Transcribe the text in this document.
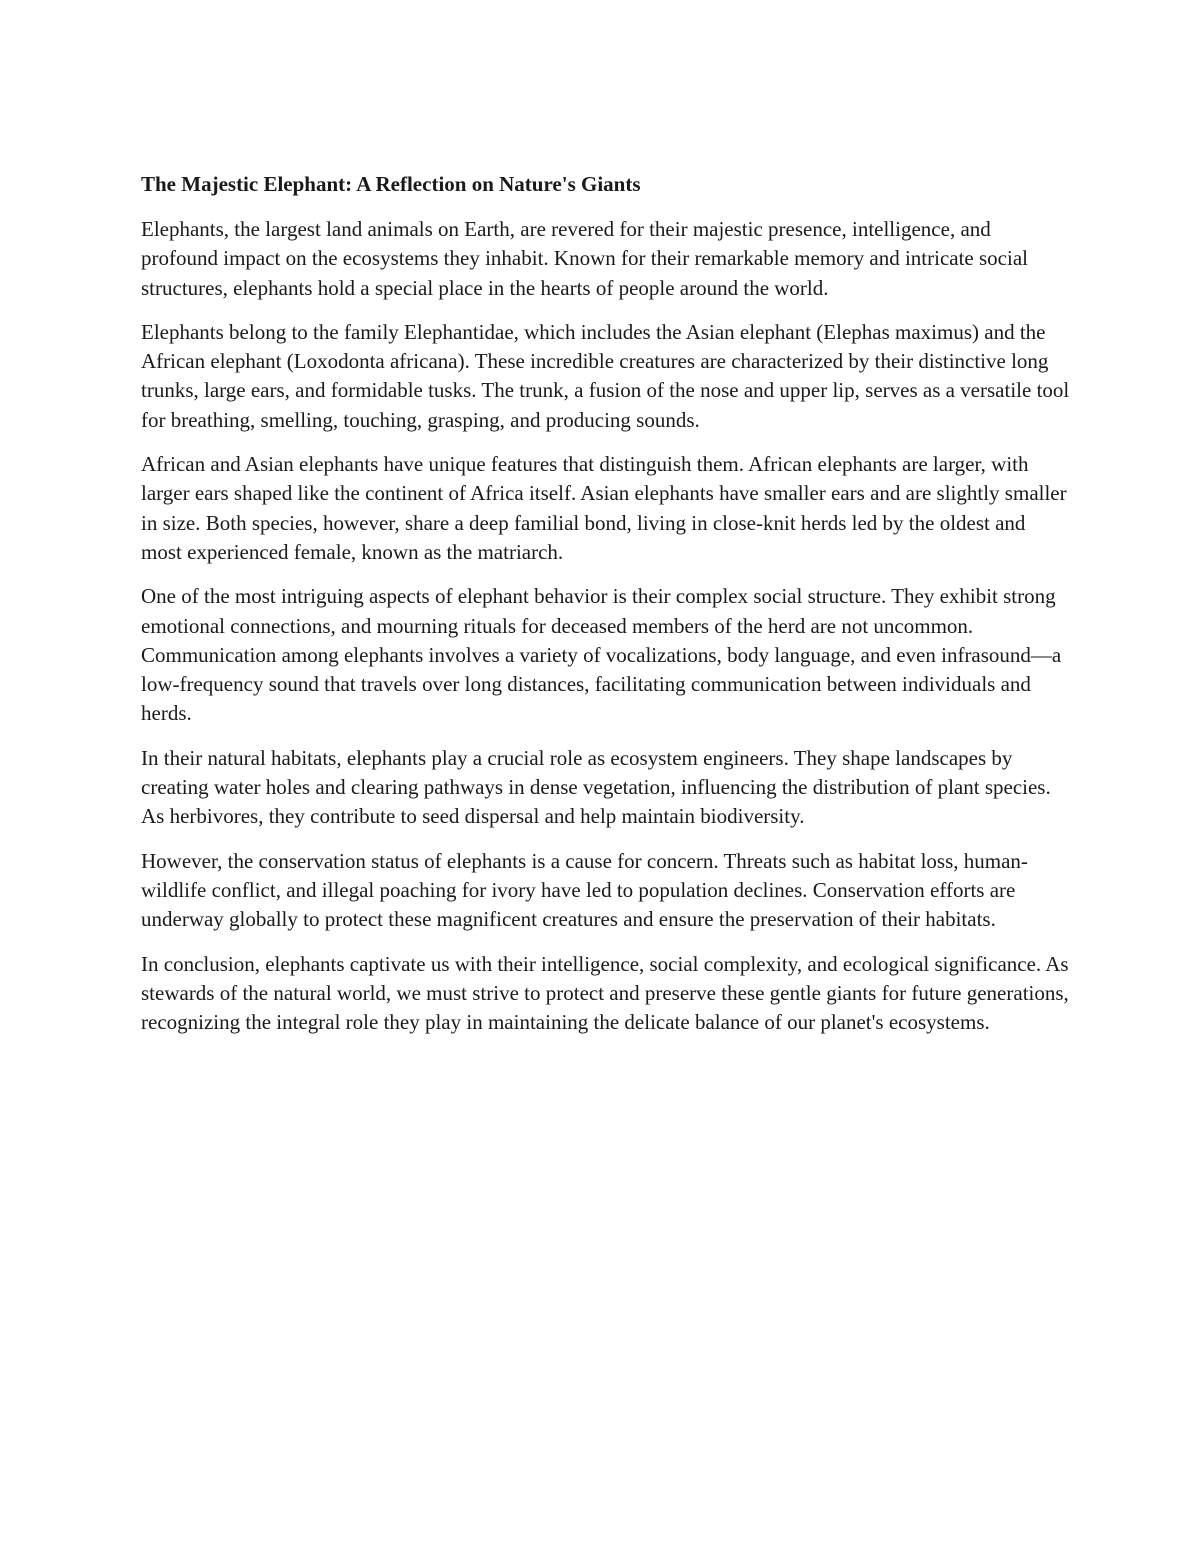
The Majestic Elephant: A Reflection on Nature's Giants

Elephants, the largest land animals on Earth, are revered for their majestic presence, intelligence, and profound impact on the ecosystems they inhabit. Known for their remarkable memory and intricate social structures, elephants hold a special place in the hearts of people around the world.

Elephants belong to the family Elephantidae, which includes the Asian elephant (Elephas maximus) and the African elephant (Loxodonta africana). These incredible creatures are characterized by their distinctive long trunks, large ears, and formidable tusks. The trunk, a fusion of the nose and upper lip, serves as a versatile tool for breathing, smelling, touching, grasping, and producing sounds.

African and Asian elephants have unique features that distinguish them. African elephants are larger, with larger ears shaped like the continent of Africa itself. Asian elephants have smaller ears and are slightly smaller in size. Both species, however, share a deep familial bond, living in close-knit herds led by the oldest and most experienced female, known as the matriarch.

One of the most intriguing aspects of elephant behavior is their complex social structure. They exhibit strong emotional connections, and mourning rituals for deceased members of the herd are not uncommon. Communication among elephants involves a variety of vocalizations, body language, and even infrasound—a low-frequency sound that travels over long distances, facilitating communication between individuals and herds.

In their natural habitats, elephants play a crucial role as ecosystem engineers. They shape landscapes by creating water holes and clearing pathways in dense vegetation, influencing the distribution of plant species. As herbivores, they contribute to seed dispersal and help maintain biodiversity.

However, the conservation status of elephants is a cause for concern. Threats such as habitat loss, human-wildlife conflict, and illegal poaching for ivory have led to population declines. Conservation efforts are underway globally to protect these magnificent creatures and ensure the preservation of their habitats.

In conclusion, elephants captivate us with their intelligence, social complexity, and ecological significance. As stewards of the natural world, we must strive to protect and preserve these gentle giants for future generations, recognizing the integral role they play in maintaining the delicate balance of our planet's ecosystems.
